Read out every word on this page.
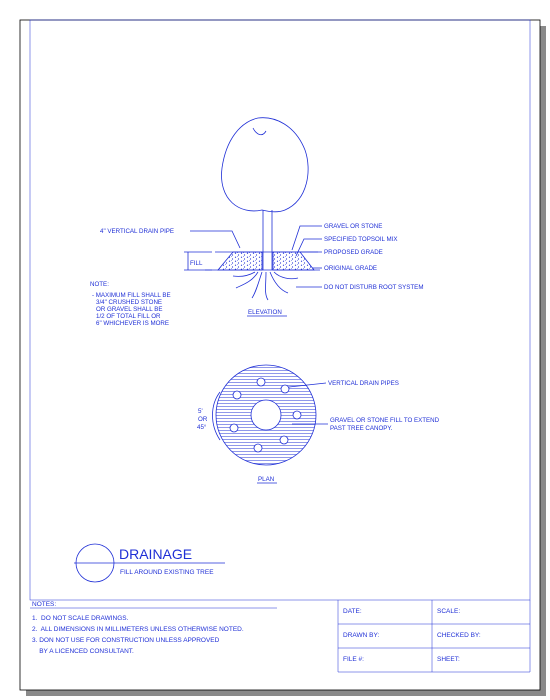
4" VERTICAL DRAIN PIPE
GRAVEL OR STONE
SPECIFIED TOPSOIL MIX
PROPOSED GRADE
FILL
ORIGINAL GRADE
DO NOT DISTURB ROOT SYSTEM
ELEVATION
NOTE:
- MAXIMUM FILL SHALL BE
3/4" CRUSHED STONE
OR GRAVEL SHALL BE
1/2 OF TOTAL FILL OR
6" WHICHEVER IS MORE
VERTICAL DRAIN PIPES
GRAVEL OR STONE FILL TO EXTEND
PAST TREE CANOPY.
5'
OR
45°
PLAN
DRAINAGE
FILL AROUND EXISTING TREE
NOTES:
1.  DO NOT SCALE DRAWINGS.
2.  ALL DIMENSIONS IN MILLIMETERS UNLESS OTHERWISE NOTED.
3. DON NOT USE FOR CONSTRUCTION UNLESS APPROVED
BY A LICENCED CONSULTANT.
DATE:	SCALE:
DRAWN BY:	CHECKED BY:
FILE #:	SHEET:
